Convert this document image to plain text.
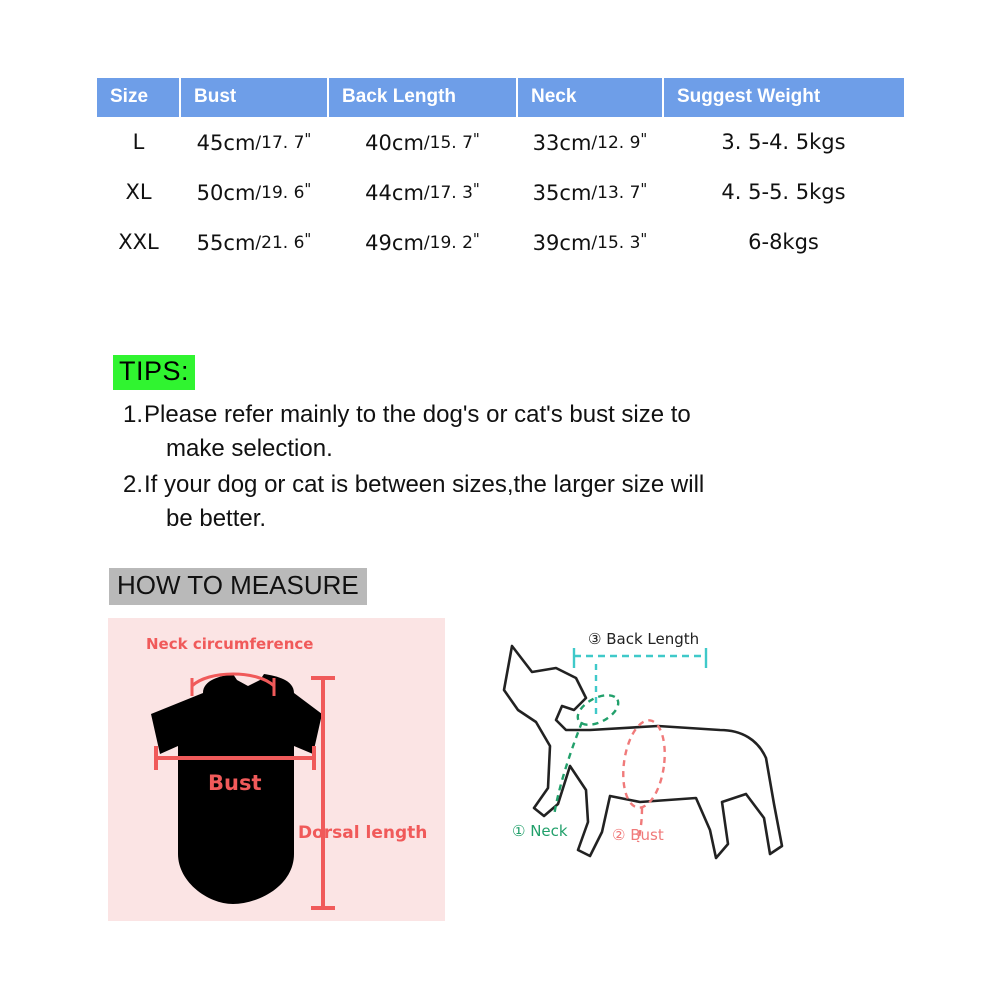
Size	Bust	Back Length	Neck	Suggest Weight
L	45cm/17. 7"	40cm/15. 7"	33cm/12. 9"	3. 5-4. 5kgs
XL	50cm/19. 6"	44cm/17. 3"	35cm/13. 7"	4. 5-5. 5kgs
XXL	55cm/21. 6"	49cm/19. 2"	39cm/15. 3"	6-8kgs
TIPS:
1. Please refer mainly to the dog's or cat's bust size to
make selection.
2. If your dog or cat is between sizes,the larger size will
be better.
HOW TO MEASURE
Neck circumference
Bust
Dorsal length
③ Back Length
① Neck	② Bust
